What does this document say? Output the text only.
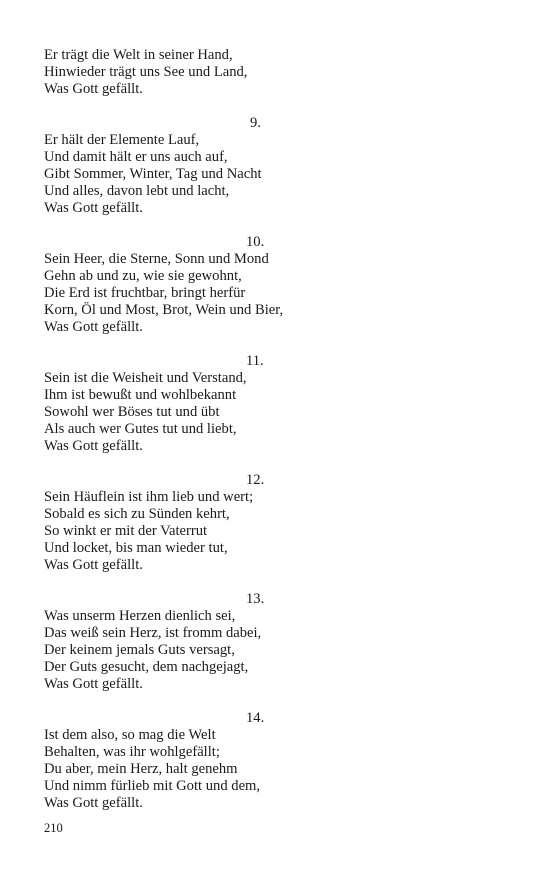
Er trägt die Welt in seiner Hand,
Hinwieder trägt uns See und Land,
Was Gott gefällt.
9.
Er hält der Elemente Lauf,
Und damit hält er uns auch auf,
Gibt Sommer, Winter, Tag und Nacht
Und alles, davon lebt und lacht,
Was Gott gefällt.
10.
Sein Heer, die Sterne, Sonn und Mond
Gehn ab und zu, wie sie gewohnt,
Die Erd ist fruchtbar, bringt herfür
Korn, Öl und Most, Brot, Wein und Bier,
Was Gott gefällt.
11.
Sein ist die Weisheit und Verstand,
Ihm ist bewußt und wohlbekannt
Sowohl wer Böses tut und übt
Als auch wer Gutes tut und liebt,
Was Gott gefällt.
12.
Sein Häuflein ist ihm lieb und wert;
Sobald es sich zu Sünden kehrt,
So winkt er mit der Vaterrut
Und locket, bis man wieder tut,
Was Gott gefällt.
13.
Was unserm Herzen dienlich sei,
Das weiß sein Herz, ist fromm dabei,
Der keinem jemals Guts versagt,
Der Guts gesucht, dem nachgejagt,
Was Gott gefällt.
14.
Ist dem also, so mag die Welt
Behalten, was ihr wohlgefällt;
Du aber, mein Herz, halt genehm
Und nimm fürlieb mit Gott und dem,
Was Gott gefällt.
210
